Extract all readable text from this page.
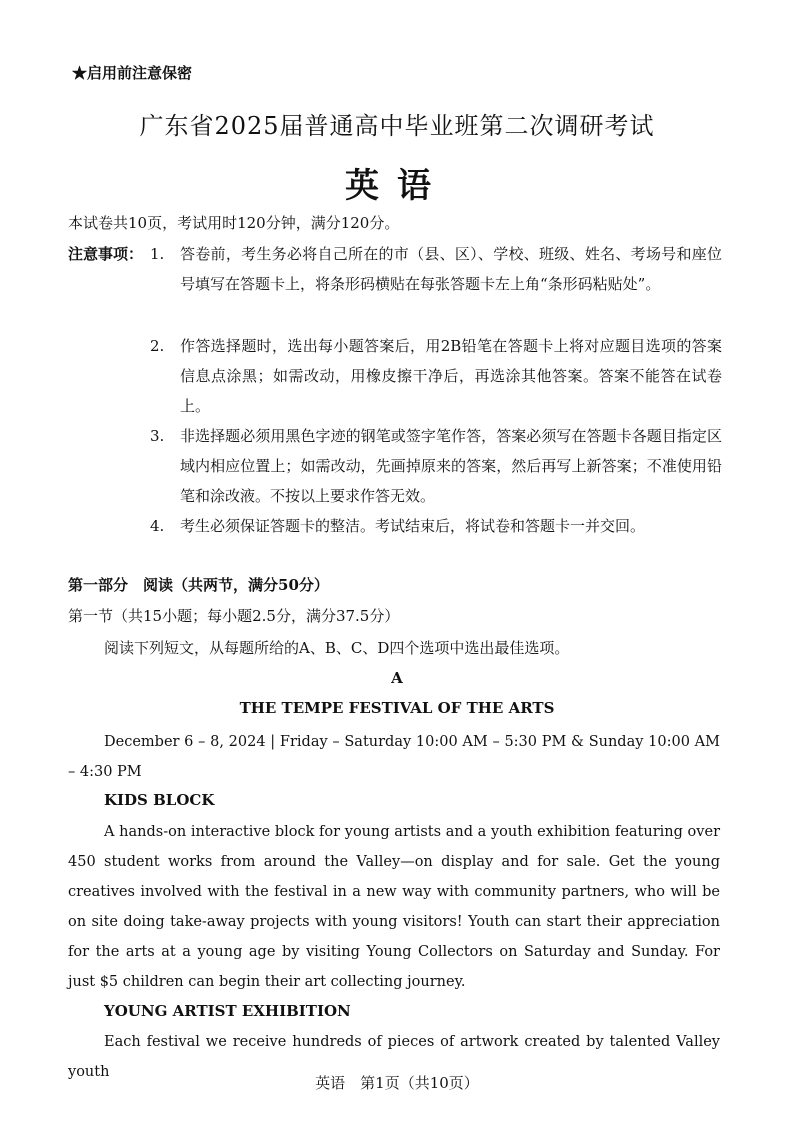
★启用前注意保密
广东省2025届普通高中毕业班第二次调研考试
英语
本试卷共10页，考试用时120分钟，满分120分。
注意事项： 1. 答卷前，考生务必将自己所在的市（县、区）、学校、班级、姓名、考场号和座位号填写在答题卡上，将条形码横贴在每张答题卡左上角“条形码粘贴处”。
2. 作答选择题时，选出每小题答案后，用2B铅笔在答题卡上将对应题目选项的答案信息点涂黑；如需改动，用橡皮擦干净后，再选涂其他答案。答案不能答在试卷上。
3. 非选择题必须用黑色字迹的钢笔或签字笔作答，答案必须写在答题卡各题目指定区域内相应位置上；如需改动，先画掉原来的答案，然后再写上新答案；不准使用铅笔和涂改液。不按以上要求作答无效。
4. 考生必须保证答题卡的整洁。考试结束后，将试卷和答题卡一并交回。
第一部分　阅读（共两节，满分50分）
第一节（共15小题；每小题2.5分，满分37.5分）
阅读下列短文，从每题所给的A、B、C、D四个选项中选出最佳选项。
A
THE TEMPE FESTIVAL OF THE ARTS
December 6 – 8, 2024 | Friday – Saturday 10:00 AM – 5:30 PM & Sunday 10:00 AM – 4:30 PM
KIDS BLOCK
A hands-on interactive block for young artists and a youth exhibition featuring over 450 student works from around the Valley—on display and for sale. Get the young creatives involved with the festival in a new way with community partners, who will be on site doing take-away projects with young visitors! Youth can start their appreciation for the arts at a young age by visiting Young Collectors on Saturday and Sunday. For just $5 children can begin their art collecting journey.
YOUNG ARTIST EXHIBITION
Each festival we receive hundreds of pieces of artwork created by talented Valley youth
英语　第1页（共10页）
